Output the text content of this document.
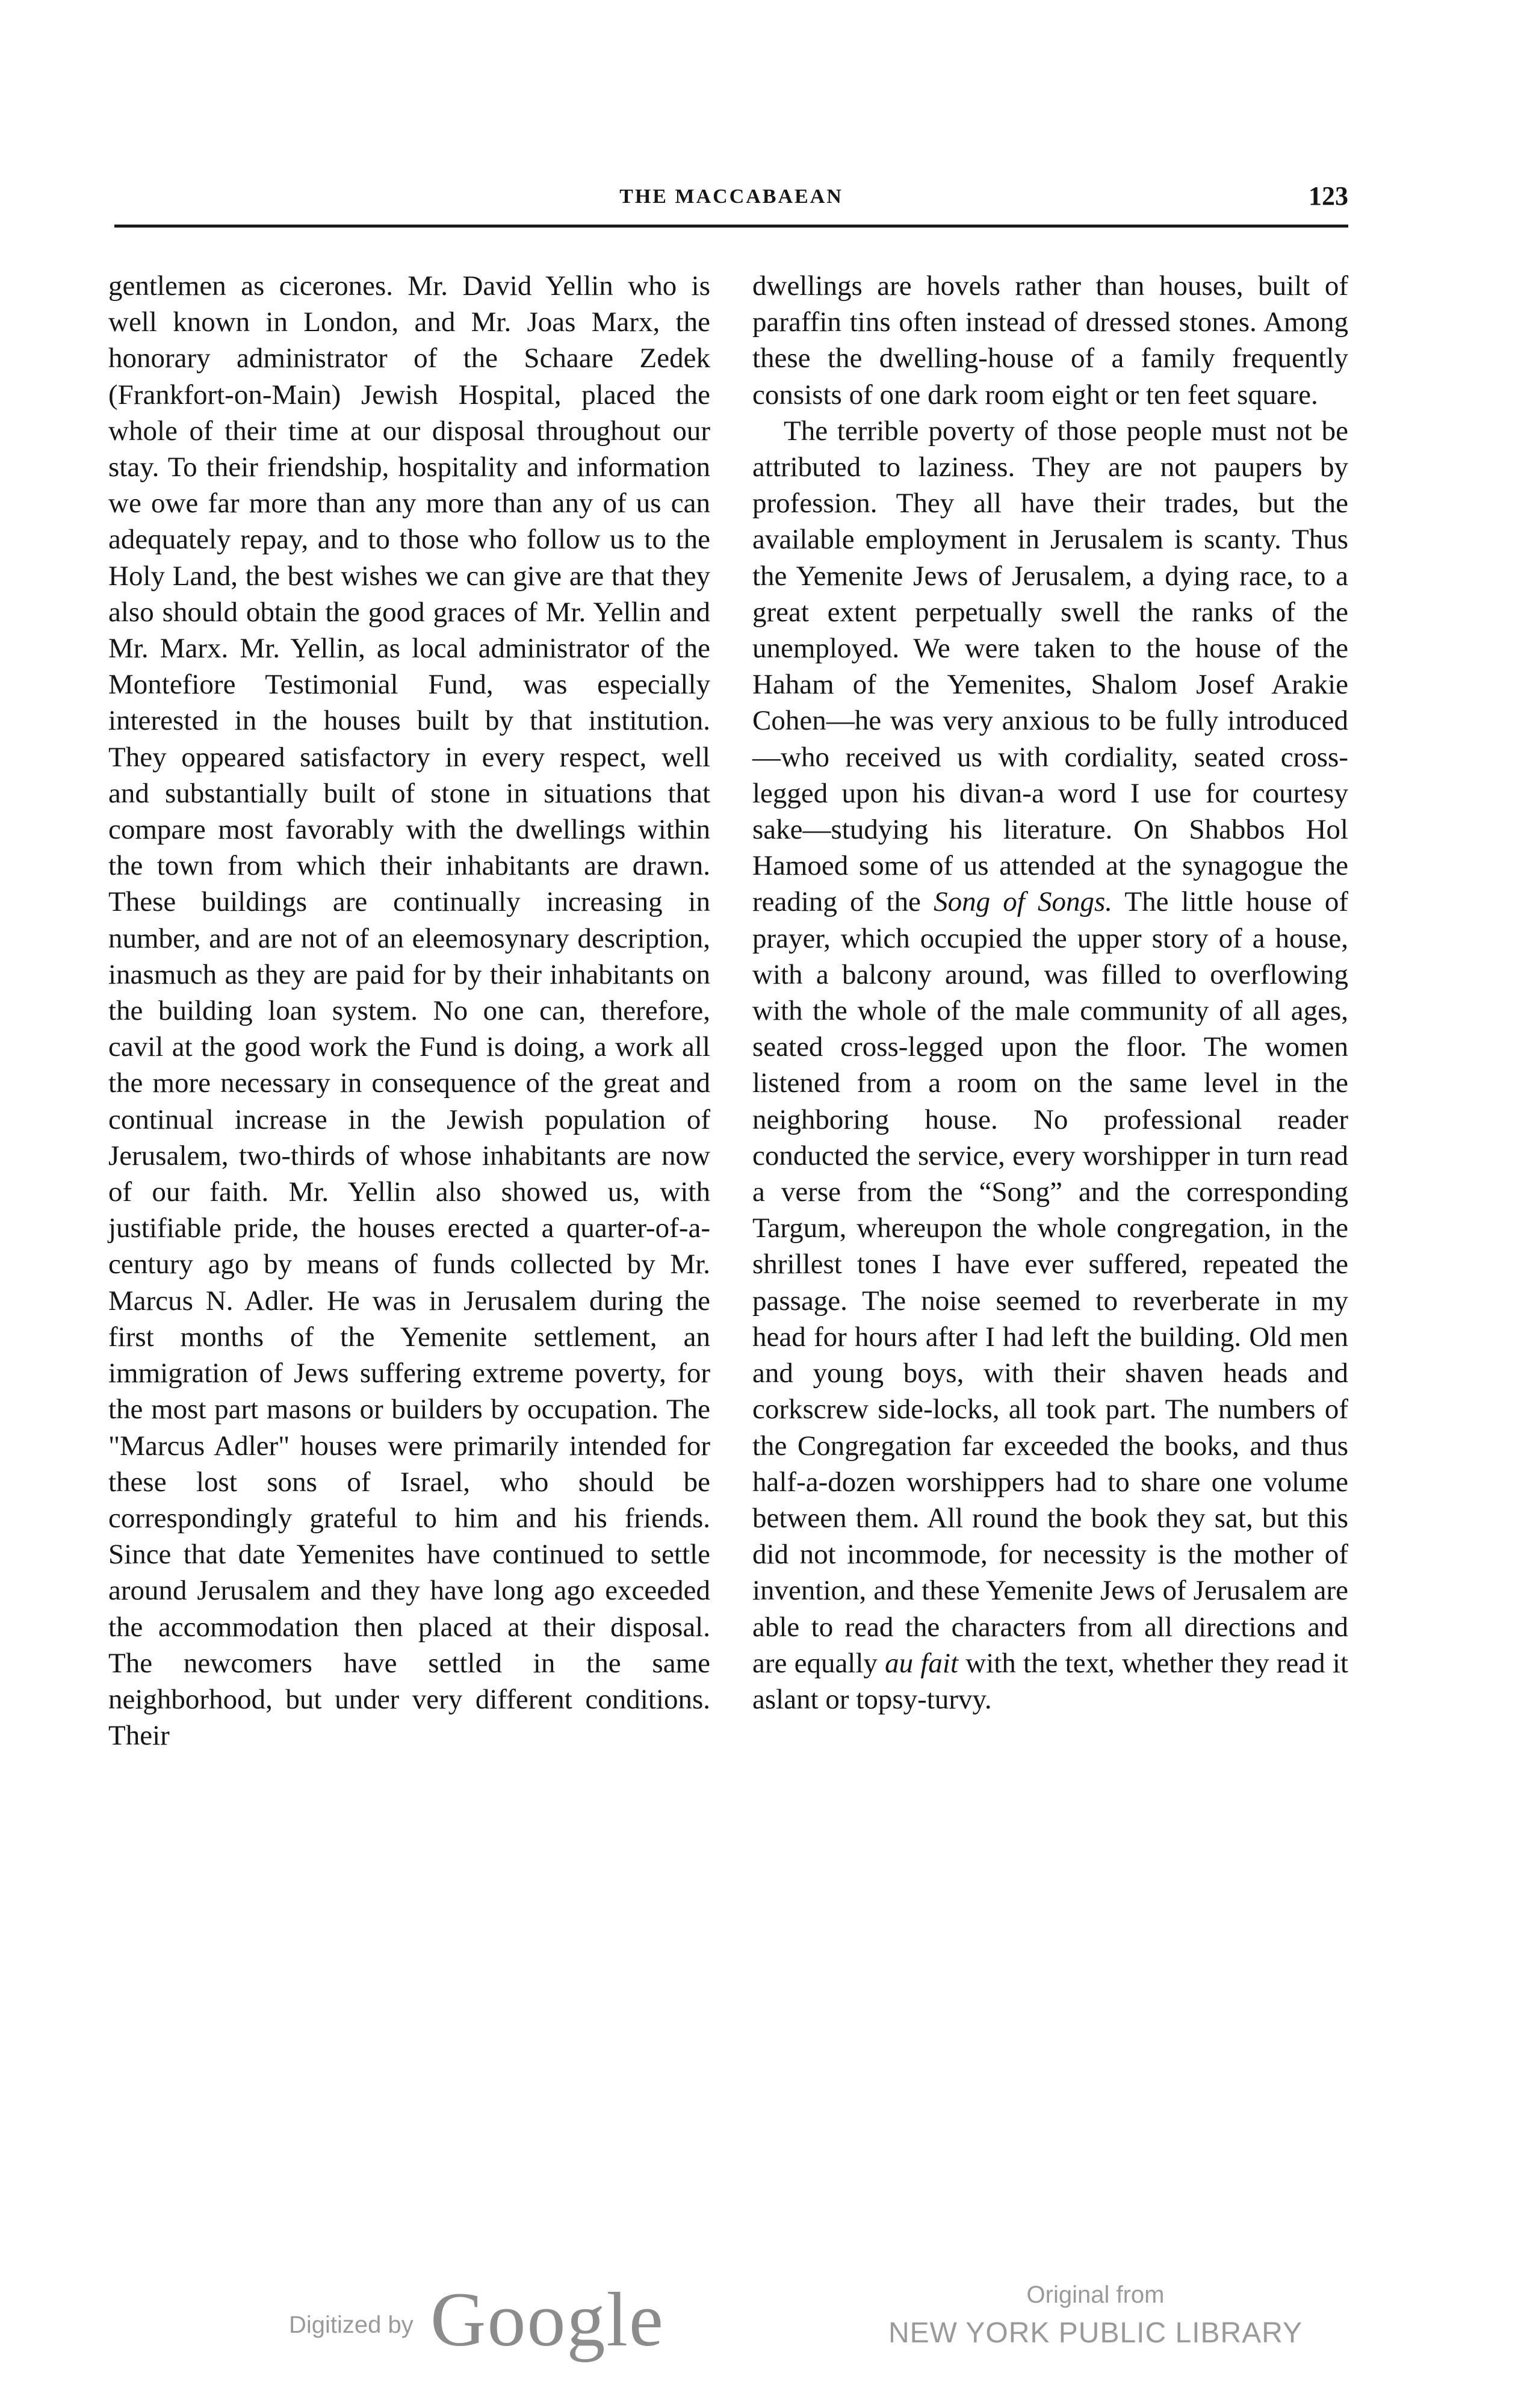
THE MACCABAEAN	123

gentlemen as cicerones. Mr. David Yellin who is well known in London, and Mr. Joas Marx, the honorary administrator of the Schaare Zedek (Frankfort-on-Main) Jewish Hospital, placed the whole of their time at our disposal throughout our stay. To their friendship, hospitality and information we owe far more than any more than any of us can adequately repay, and to those who follow us to the Holy Land, the best wishes we can give are that they also should obtain the good graces of Mr. Yellin and Mr. Marx. Mr. Yellin, as local administrator of the Montefiore Testimonial Fund, was especially interested in the houses built by that institution. They oppeared satisfactory in every respect, well and substantially built of stone in situations that compare most favorably with the dwellings within the town from which their inhabitants are drawn. These buildings are continually increasing in number, and are not of an eleemosynary description, inasmuch as they are paid for by their inhabitants on the building loan system. No one can, therefore, cavil at the good work the Fund is doing, a work all the more necessary in consequence of the great and continual increase in the Jewish population of Jerusalem, two-thirds of whose inhabitants are now of our faith. Mr. Yellin also showed us, with justifiable pride, the houses erected a quarter-of-a-century ago by means of funds collected by Mr. Marcus N. Adler. He was in Jerusalem during the first months of the Yemenite settlement, an immigration of Jews suffering extreme poverty, for the most part masons or builders by occupation. The "Marcus Adler" houses were primarily intended for these lost sons of Israel, who should be correspondingly grateful to him and his friends. Since that date Yemenites have continued to settle around Jerusalem and they have long ago exceeded the accommodation then placed at their disposal. The newcomers have settled in the same neighborhood, but under very different conditions. Their

dwellings are hovels rather than houses, built of paraffin tins often instead of dressed stones. Among these the dwelling-house of a family frequently consists of one dark room eight or ten feet square.

The terrible poverty of those people must not be attributed to laziness. They are not paupers by profession. They all have their trades, but the available employment in Jerusalem is scanty. Thus the Yemenite Jews of Jerusalem, a dying race, to a great extent perpetually swell the ranks of the unemployed. We were taken to the house of the Haham of the Yemenites, Shalom Josef Arakie Cohen—he was very anxious to be fully introduced—who received us with cordiality, seated cross-legged upon his divan-a word I use for courtesy sake—studying his literature. On Shabbos Hol Hamoed some of us attended at the synagogue the reading of the Song of Songs. The little house of prayer, which occupied the upper story of a house, with a balcony around, was filled to overflowing with the whole of the male community of all ages, seated cross-legged upon the floor. The women listened from a room on the same level in the neighboring house. No professional reader conducted the service, every worshipper in turn read a verse from the “Song” and the corresponding Targum, whereupon the whole congregation, in the shrillest tones I have ever suffered, repeated the passage. The noise seemed to reverberate in my head for hours after I had left the building. Old men and young boys, with their shaven heads and corkscrew side-locks, all took part. The numbers of the Congregation far exceeded the books, and thus half-a-dozen worshippers had to share one volume between them. All round the book they sat, but this did not incommode, for necessity is the mother of invention, and these Yemenite Jews of Jerusalem are able to read the characters from all directions and are equally au fait with the text, whether they read it aslant or topsy-turvy.

Digitized by Google	Original from
NEW YORK PUBLIC LIBRARY
